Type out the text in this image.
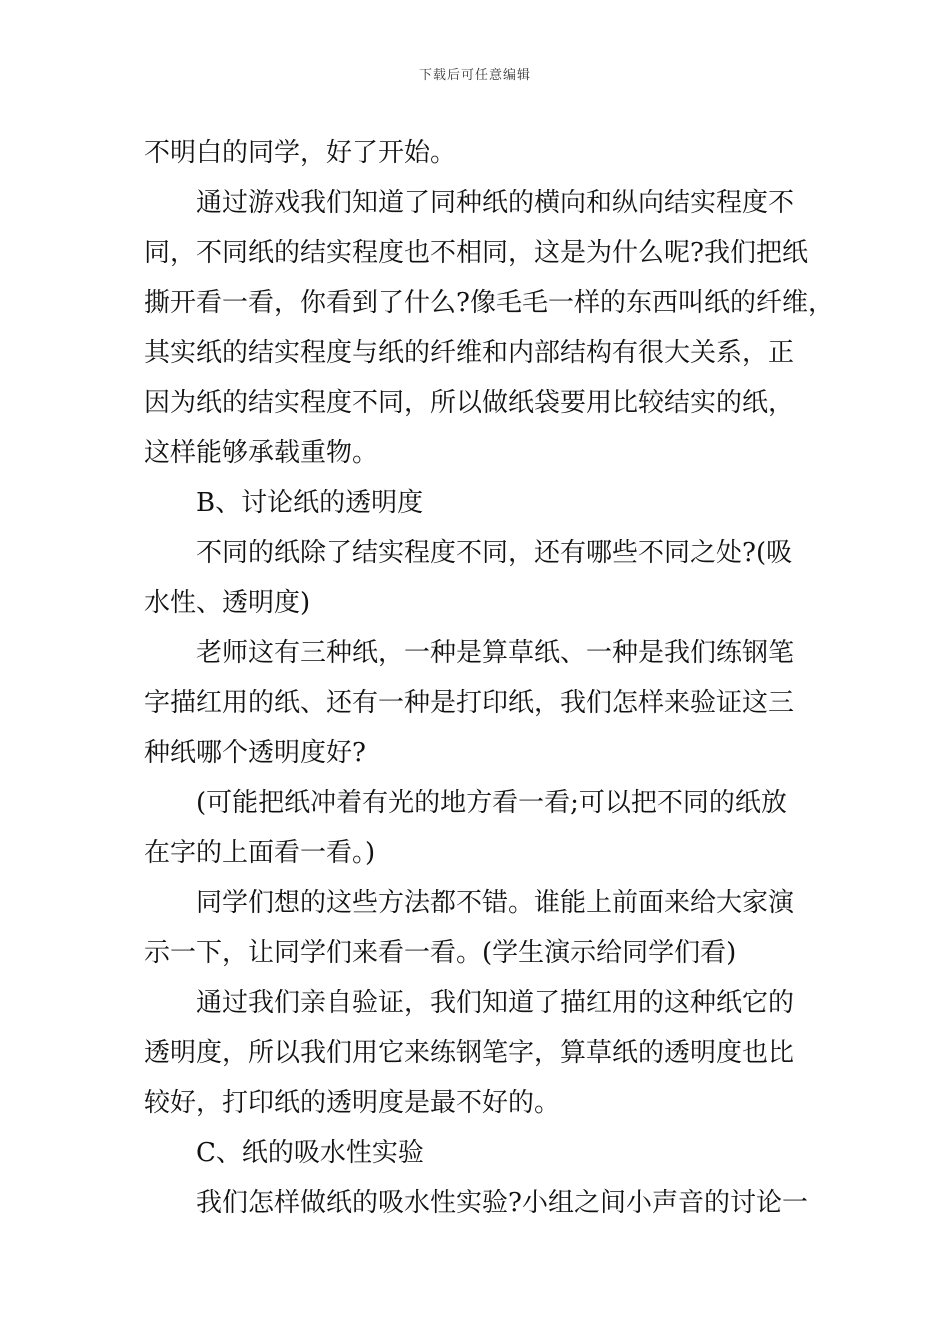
下载后可任意编辑

不明白的同学，好了开始。

通过游戏我们知道了同种纸的横向和纵向结实程度不

同，不同纸的结实程度也不相同，这是为什么呢?我们把纸

撕开看一看，你看到了什么?像毛毛一样的东西叫纸的纤维，

其实纸的结实程度与纸的纤维和内部结构有很大关系，正

因为纸的结实程度不同，所以做纸袋要用比较结实的纸，

这样能够承载重物。

B、讨论纸的透明度

不同的纸除了结实程度不同，还有哪些不同之处?(吸

水性、透明度)

老师这有三种纸，一种是算草纸、一种是我们练钢笔

字描红用的纸、还有一种是打印纸，我们怎样来验证这三

种纸哪个透明度好?

(可能把纸冲着有光的地方看一看;可以把不同的纸放

在字的上面看一看。)

同学们想的这些方法都不错。谁能上前面来给大家演

示一下，让同学们来看一看。(学生演示给同学们看)

通过我们亲自验证，我们知道了描红用的这种纸它的

透明度，所以我们用它来练钢笔字，算草纸的透明度也比

较好，打印纸的透明度是最不好的。

C、纸的吸水性实验

我们怎样做纸的吸水性实验?小组之间小声音的讨论一
